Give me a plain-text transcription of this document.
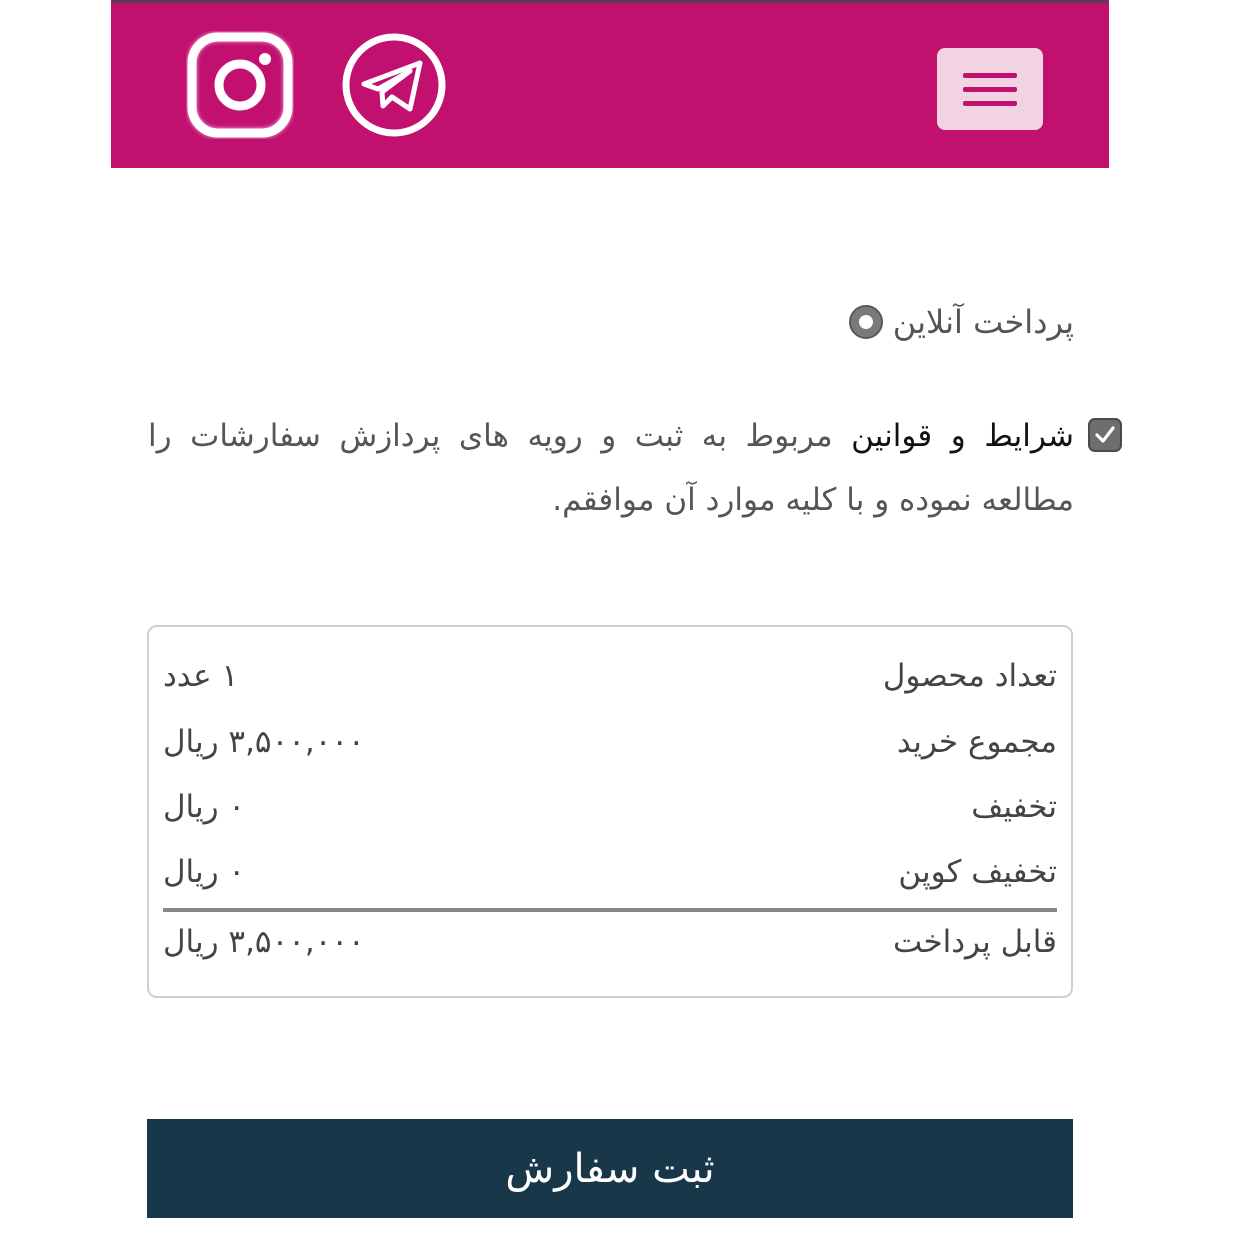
پرداخت آنلاین
شرایط و قوانین مربوط به ثبت و رویه های پردازش سفارشات را مطالعه نموده و با کلیه موارد آن موافقم.
تعداد محصول
۱ عدد
مجموع خرید
۳,۵۰۰,۰۰۰ ریال
تخفیف
۰ ریال
تخفیف کوپن
۰ ریال
قابل پرداخت
۳,۵۰۰,۰۰۰ ریال
ثبت سفارش
